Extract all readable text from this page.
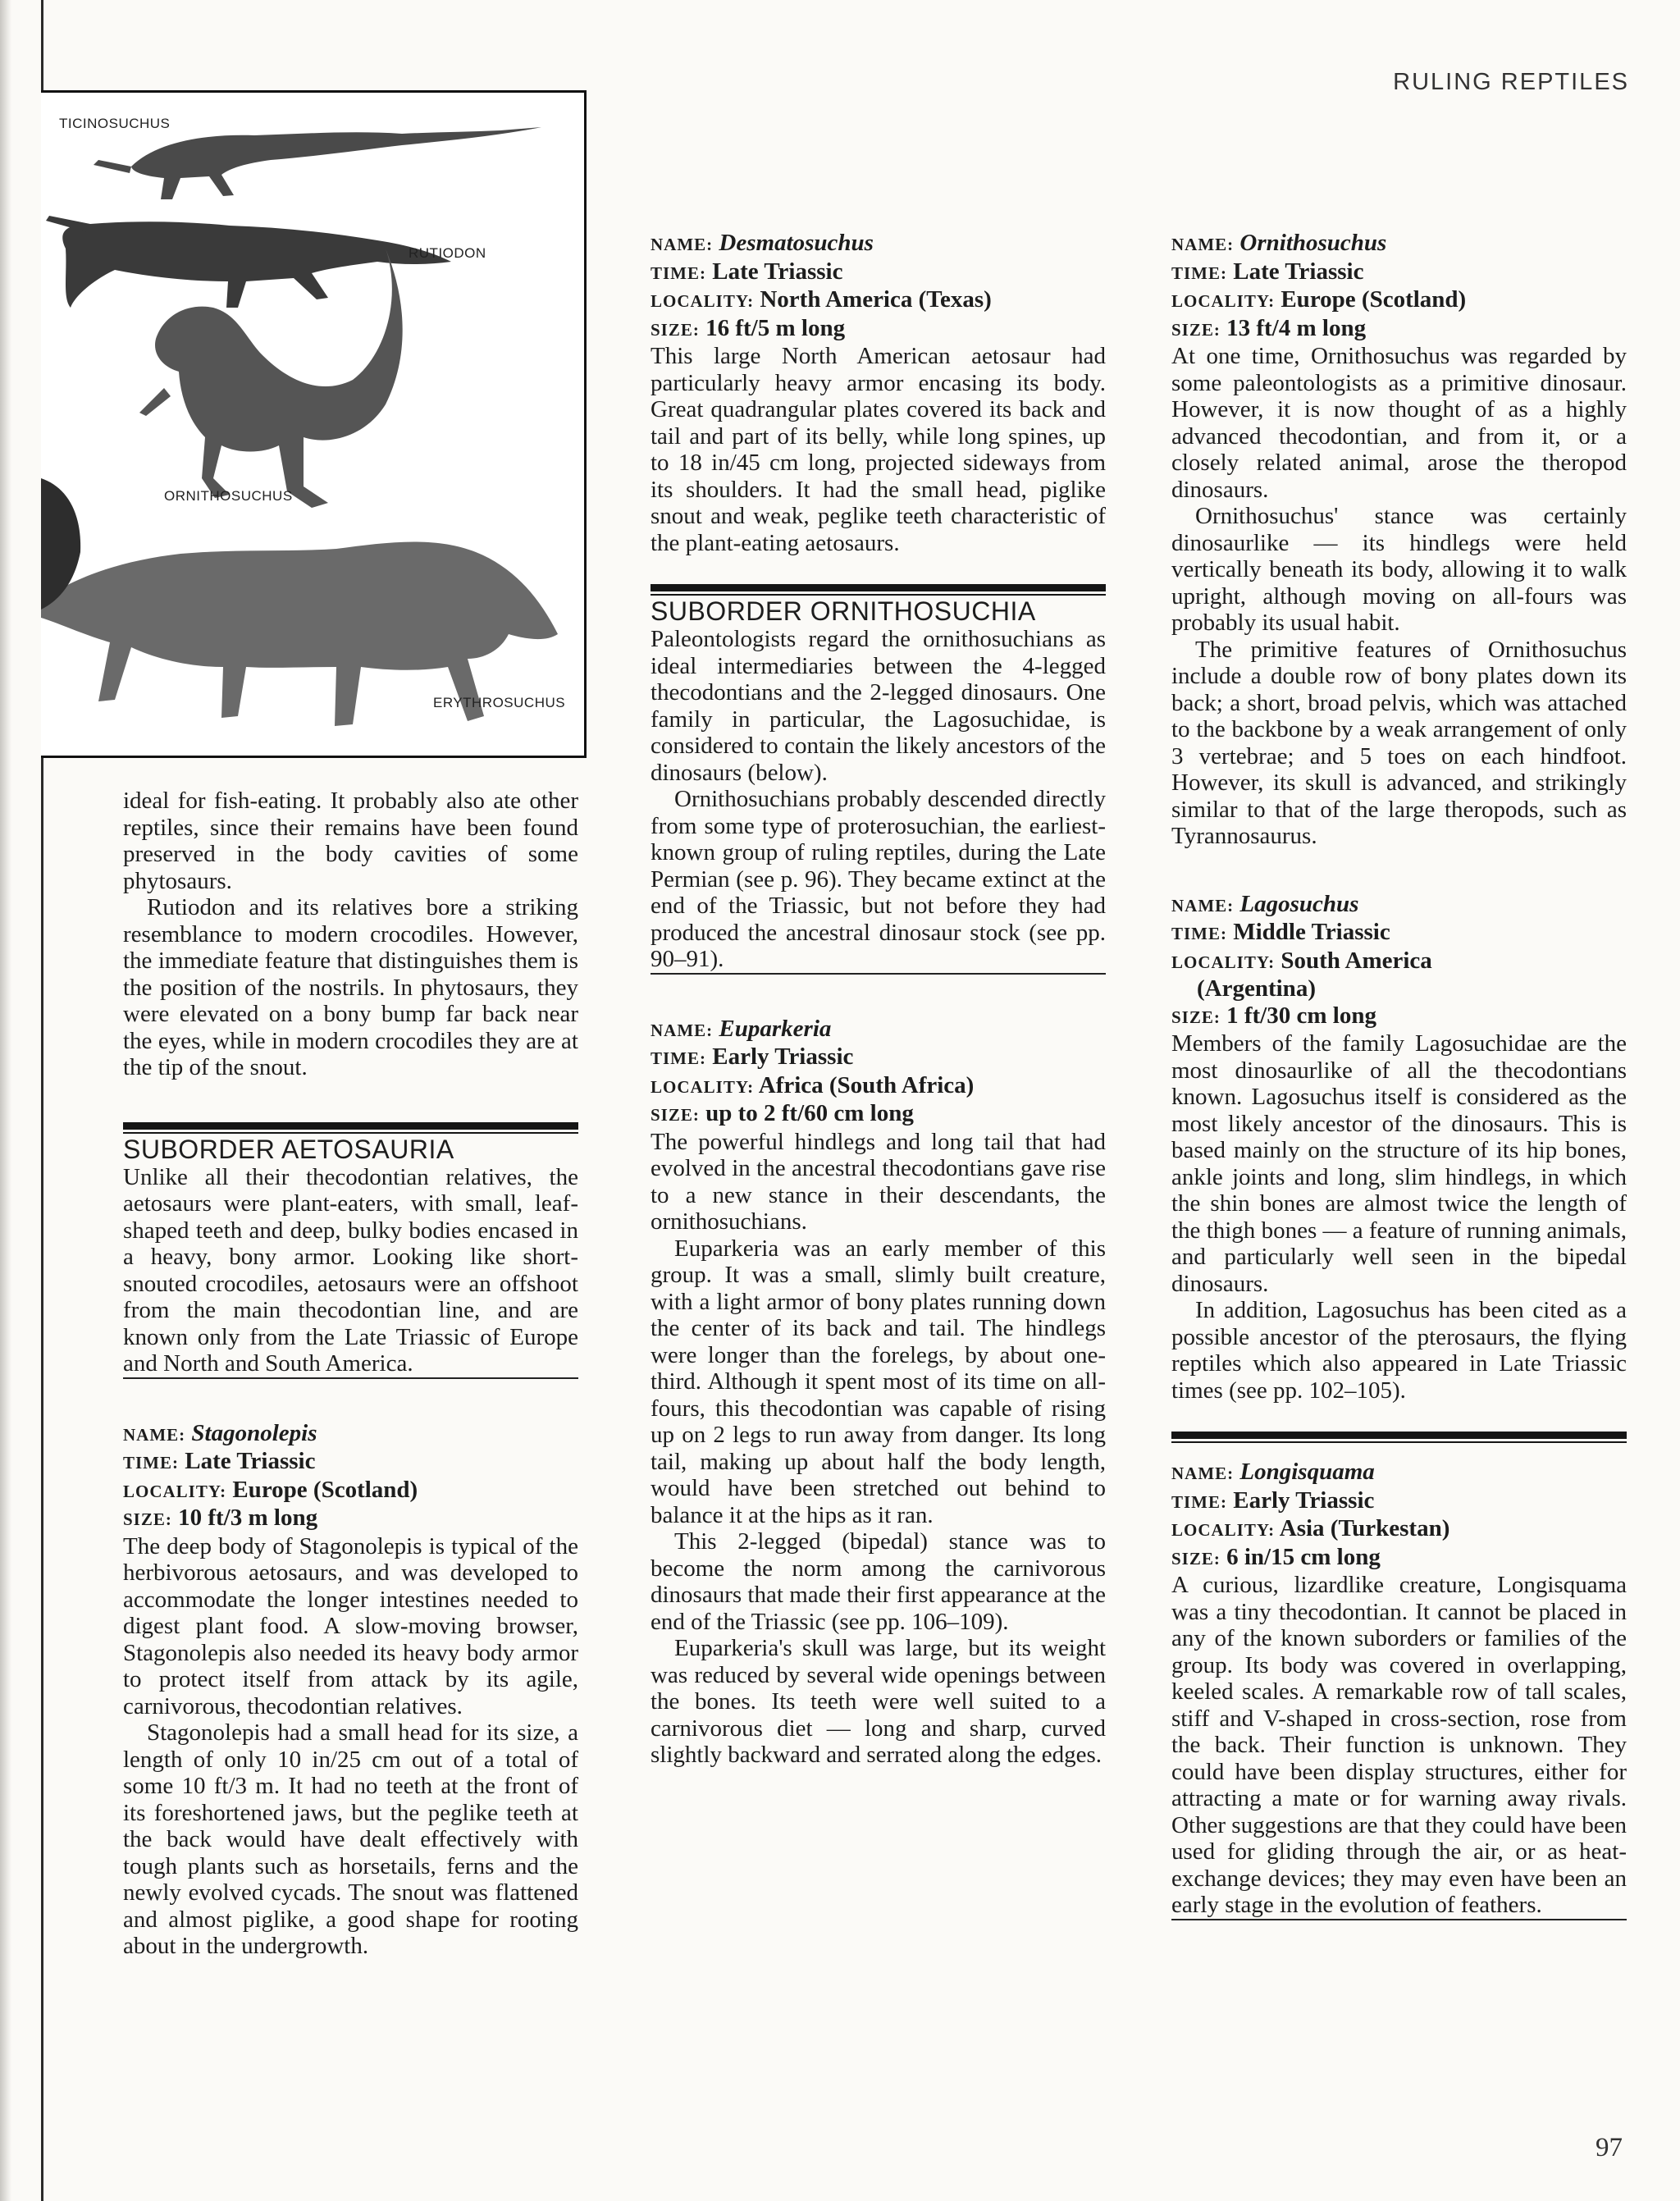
RULING REPTILES
TICINOSUCHUS
RUTIODON
ORNITHOSUCHUS
ERYTHROSUCHUS

ideal for fish-eating. It probably also ate other reptiles, since their remains have been found preserved in the body cavities of some phytosaurs.

Rutiodon and its relatives bore a striking resemblance to modern crocodiles. However, the immediate feature that distinguishes them is the position of the nostrils. In phytosaurs, they were elevated on a bony bump far back near the eyes, while in modern crocodiles they are at the tip of the snout.

SUBORDER AETOSAURIA

Unlike all their thecodontian relatives, the aetosaurs were plant-eaters, with small, leaf-shaped teeth and deep, bulky bodies encased in a heavy, bony armor. Looking like short-snouted crocodiles, aetosaurs were an offshoot from the main thecodontian line, and are known only from the Late Triassic of Europe and North and South America.

NAME: Stagonolepis
TIME: Late Triassic
LOCALITY: Europe (Scotland)
SIZE: 10 ft/3 m long

The deep body of Stagonolepis is typical of the herbivorous aetosaurs, and was developed to accommodate the longer intestines needed to digest plant food. A slow-moving browser, Stagonolepis also needed its heavy body armor to protect itself from attack by its agile, carnivorous, thecodontian relatives.

Stagonolepis had a small head for its size, a length of only 10 in/25 cm out of a total of some 10 ft/3 m. It had no teeth at the front of its foreshortened jaws, but the peglike teeth at the back would have dealt effectively with tough plants such as horsetails, ferns and the newly evolved cycads. The snout was flattened and almost piglike, a good shape for rooting about in the undergrowth.

NAME: Desmatosuchus
TIME: Late Triassic
LOCALITY: North America (Texas)
SIZE: 16 ft/5 m long

This large North American aetosaur had particularly heavy armor encasing its body. Great quadrangular plates covered its back and tail and part of its belly, while long spines, up to 18 in/45 cm long, projected sideways from its shoulders. It had the small head, piglike snout and weak, peglike teeth characteristic of the plant-eating aetosaurs.

SUBORDER ORNITHOSUCHIA

Paleontologists regard the ornithosuchians as ideal intermediaries between the 4-legged thecodontians and the 2-legged dinosaurs. One family in particular, the Lagosuchidae, is considered to contain the likely ancestors of the dinosaurs (below).

Ornithosuchians probably descended directly from some type of proterosuchian, the earliest-known group of ruling reptiles, during the Late Permian (see p. 96). They became extinct at the end of the Triassic, but not before they had produced the ancestral dinosaur stock (see pp. 90–91).

NAME: Euparkeria
TIME: Early Triassic
LOCALITY: Africa (South Africa)
SIZE: up to 2 ft/60 cm long

The powerful hindlegs and long tail that had evolved in the ancestral thecodontians gave rise to a new stance in their descendants, the ornithosuchians.

Euparkeria was an early member of this group. It was a small, slimly built creature, with a light armor of bony plates running down the center of its back and tail. The hindlegs were longer than the forelegs, by about one-third. Although it spent most of its time on all-fours, this thecodontian was capable of rising up on 2 legs to run away from danger. Its long tail, making up about half the body length, would have been stretched out behind to balance it at the hips as it ran.

This 2-legged (bipedal) stance was to become the norm among the carnivorous dinosaurs that made their first appearance at the end of the Triassic (see pp. 106–109).

Euparkeria's skull was large, but its weight was reduced by several wide openings between the bones. Its teeth were well suited to a carnivorous diet — long and sharp, curved slightly backward and serrated along the edges.

NAME: Ornithosuchus
TIME: Late Triassic
LOCALITY: Europe (Scotland)
SIZE: 13 ft/4 m long

At one time, Ornithosuchus was regarded by some paleontologists as a primitive dinosaur. However, it is now thought of as a highly advanced thecodontian, and from it, or a closely related animal, arose the theropod dinosaurs.

Ornithosuchus' stance was certainly dinosaurlike — its hindlegs were held vertically beneath its body, allowing it to walk upright, although moving on all-fours was probably its usual habit.

The primitive features of Ornithosuchus include a double row of bony plates down its back; a short, broad pelvis, which was attached to the backbone by a weak arrangement of only 3 vertebrae; and 5 toes on each hindfoot. However, its skull is advanced, and strikingly similar to that of the large theropods, such as Tyrannosaurus.

NAME: Lagosuchus
TIME: Middle Triassic
LOCALITY: South America
(Argentina)
SIZE: 1 ft/30 cm long

Members of the family Lagosuchidae are the most dinosaurlike of all the thecodontians known. Lagosuchus itself is considered as the most likely ancestor of the dinosaurs. This is based mainly on the structure of its hip bones, ankle joints and long, slim hindlegs, in which the shin bones are almost twice the length of the thigh bones — a feature of running animals, and particularly well seen in the bipedal dinosaurs.

In addition, Lagosuchus has been cited as a possible ancestor of the pterosaurs, the flying reptiles which also appeared in Late Triassic times (see pp. 102–105).

NAME: Longisquama
TIME: Early Triassic
LOCALITY: Asia (Turkestan)
SIZE: 6 in/15 cm long

A curious, lizardlike creature, Longisquama was a tiny thecodontian. It cannot be placed in any of the known suborders or families of the group. Its body was covered in overlapping, keeled scales. A remarkable row of tall scales, stiff and V-shaped in cross-section, rose from the back. Their function is unknown. They could have been display structures, either for attracting a mate or for warning away rivals. Other suggestions are that they could have been used for gliding through the air, or as heat-exchange devices; they may even have been an early stage in the evolution of feathers.

97
